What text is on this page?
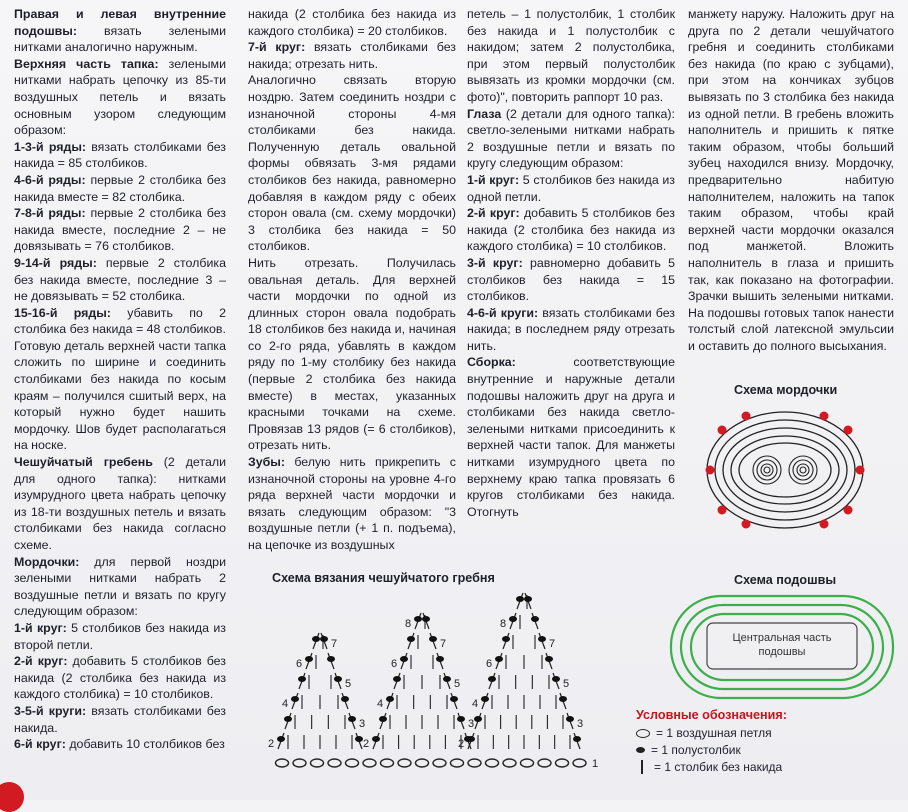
Правая и левая внутренние подошвы: вязать зелеными нитками аналогично наружным.

Верхняя часть тапка: зелеными нитками набрать цепочку из 85-ти воздушных петель и вязать основным узором следующим образом:

1-3-й ряды: вязать столбиками без накида = 85 столбиков.

4-6-й ряды: первые 2 столбика без накида вместе = 82 столбика.

7-8-й ряды: первые 2 столбика без накида вместе, последние 2 – не довязывать = 76 столбиков.

9-14-й ряды: первые 2 столбика без накида вместе, последние 3 – не довязывать = 52 столбика.

15-16-й ряды: убавить по 2 столбика без накида = 48 столбиков.

Готовую деталь верхней части тапка сложить по ширине и соединить столбиками без накида по косым краям – получился сшитый верх, на который нужно будет нашить мордочку. Шов будет располагаться на носке.

Чешуйчатый гребень (2 детали для одного тапка): нитками изумрудного цвета набрать цепочку из 18-ти воздушных петель и вязать столбиками без накида согласно схеме.

Мордочки: для первой ноздри зелеными нитками набрать 2 воздушные петли и вязать по кругу следующим образом:

1-й круг: 5 столбиков без накида из второй петли.

2-й круг: добавить 5 столбиков без накида (2 столбика без накида из каждого столбика) = 10 столбиков.

3-5-й круги: вязать столбиками без накида.

6-й круг: добавить 10 столбиков без

накида (2 столбика без накида из каждого столбика) = 20 столбиков.

7-й круг: вязать столбиками без накида; отрезать нить.

Аналогично связать вторую ноздрю. Затем соединить ноздри с изнаночной стороны 4-мя столбиками без накида. Полученную деталь овальной формы обвязать 3-мя рядами столбиков без накида, равномерно добавляя в каждом ряду с обеих сторон овала (см. схему мордочки) 3 столбика без накида = 50 столбиков.

Нить отрезать. Получилась овальная деталь. Для верхней части мордочки по одной из длинных сторон овала подобрать 18 столбиков без накида и, начиная со 2-го ряда, убавлять в каждом ряду по 1-му столбику без накида (первые 2 столбика без накида вместе) в местах, указанных красными точками на схеме. Провязав 13 рядов (= 6 столбиков), отрезать нить.

Зубы: белую нить прикрепить с изнаночной стороны на уровне 4-го ряда верхней части мордочки и вязать следующим образом: "3 воздушные петли (+ 1 п. подъема), на цепочке из воздушных

петель – 1 полустолбик, 1 столбик без накида и 1 полустолбик с накидом; затем 2 полустолбика, при этом первый полустолбик вывязать из кромки мордочки (см. фото)", повторить раппорт 10 раз.

Глаза (2 детали для одного тапка): светло-зелеными нитками набрать 2 воздушные петли и вязать по кругу следующим образом:

1-й круг: 5 столбиков без накида из одной петли.

2-й круг: добавить 5 столбиков без накида (2 столбика без накида из каждого столбика) = 10 столбиков.

3-й круг: равномерно добавить 5 столбиков без накида = 15 столбиков.

4-6-й круги: вязать столбиками без накида; в последнем ряду отрезать нить.

Сборка: соответствующие внутренние и наружные детали подошвы наложить друг на друга и столбиками без накида светло-зелеными нитками присоединить к верхней части тапок. Для манжеты нитками изумрудного цвета по верхнему краю тапка провязать 6 кругов столбиками без накида. Отогнуть

манжету наружу. Наложить друг на друга по 2 детали чешуйчатого гребня и соединить столбиками без накида (по краю с зубцами), при этом на кончиках зубцов вывязать по 3 столбика без накида из одной петли. В гребень вложить наполнитель и пришить к пятке таким образом, чтобы больший зубец находился внизу. Мордочку, предварительно набитую наполнителем, наложить на тапок таким образом, чтобы край верхней части мордочки оказался под манжетой. Вложить наполнитель в глаза и пришить так, как показано на фотографии. Зрачки вышить зелеными нитками. На подошвы готовых тапок нанести толстый слой латексной эмульсии и оставить до полного высыхания.

Схема вязания чешуйчатого гребня
2
3
4
5
6
7
2
3
4
5
6
7
8
2
3
4
5
6
7
8
1
Схема мордочки
Схема подошвы
Центральная часть
подошвы
Условные обозначения:
= 1 воздушная петля
= 1 полустолбик
= 1 столбик без накида
